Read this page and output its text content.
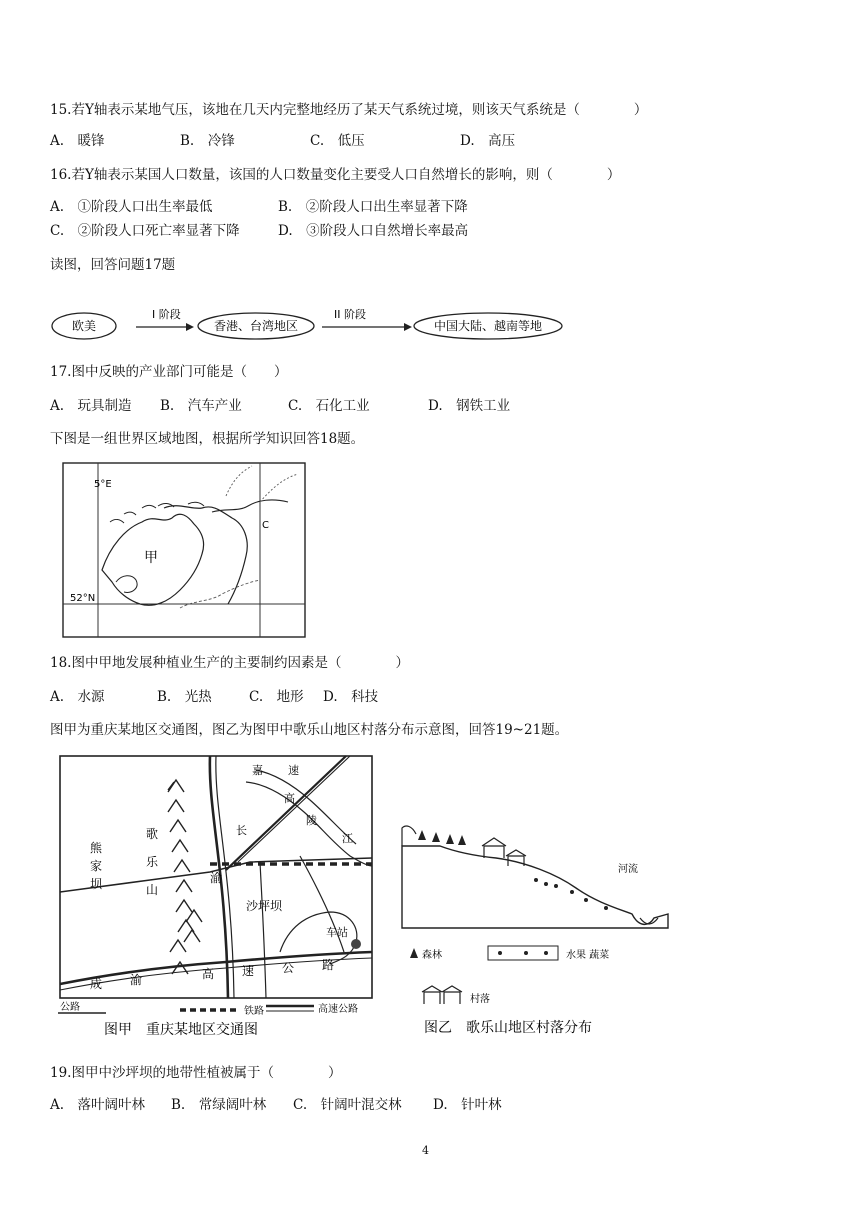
15.若Y轴表示某地气压，该地在几天内完整地经历了某天气系统过境，则该天气系统是（　　　　）
A.　暖锋	B.　冷锋	C.　低压	D.　高压
16.若Y轴表示某国人口数量，该国的人口数量变化主要受人口自然增长的影响，则（　　　　）
A.　①阶段人口出生率最低	B.　②阶段人口出生率显著下降
C.　②阶段人口死亡率显著下降	D.　③阶段人口自然增长率最高
读图，回答问题17题
欧美
I 阶段
香港、台湾地区
II 阶段
中国大陆、越南等地
17.图中反映的产业部门可能是（　　）
A.　玩具制造 B.　汽车产业	C.　石化工业	D.　钢铁工业
下图是一组世界区域地图，根据所学知识回答18题。
5°E
52°N
甲
C
18.图中甲地发展种植业生产的主要制约因素是（　　　　）
A.　水源	B.　光热	C.　地形 D.　科技
图甲为重庆某地区交通图，图乙为图甲中歌乐山地区村落分布示意图，回答19~21题。
熊
家
坝
歌
乐
山
沙坪坝
车站
渝
成 渝	高 速 公 路
嘉 速
高
陵
长
江
公路	铁路	高速公路
图甲　重庆某地区交通图
河流
森林	水果 蔬菜
村落
图乙　歌乐山地区村落分布
19.图甲中沙坪坝的地带性植被属于（　　　　）
A.　落叶阔叶林 B.　常绿阔叶林 C.　针阔叶混交林 D.　针叶林
4
